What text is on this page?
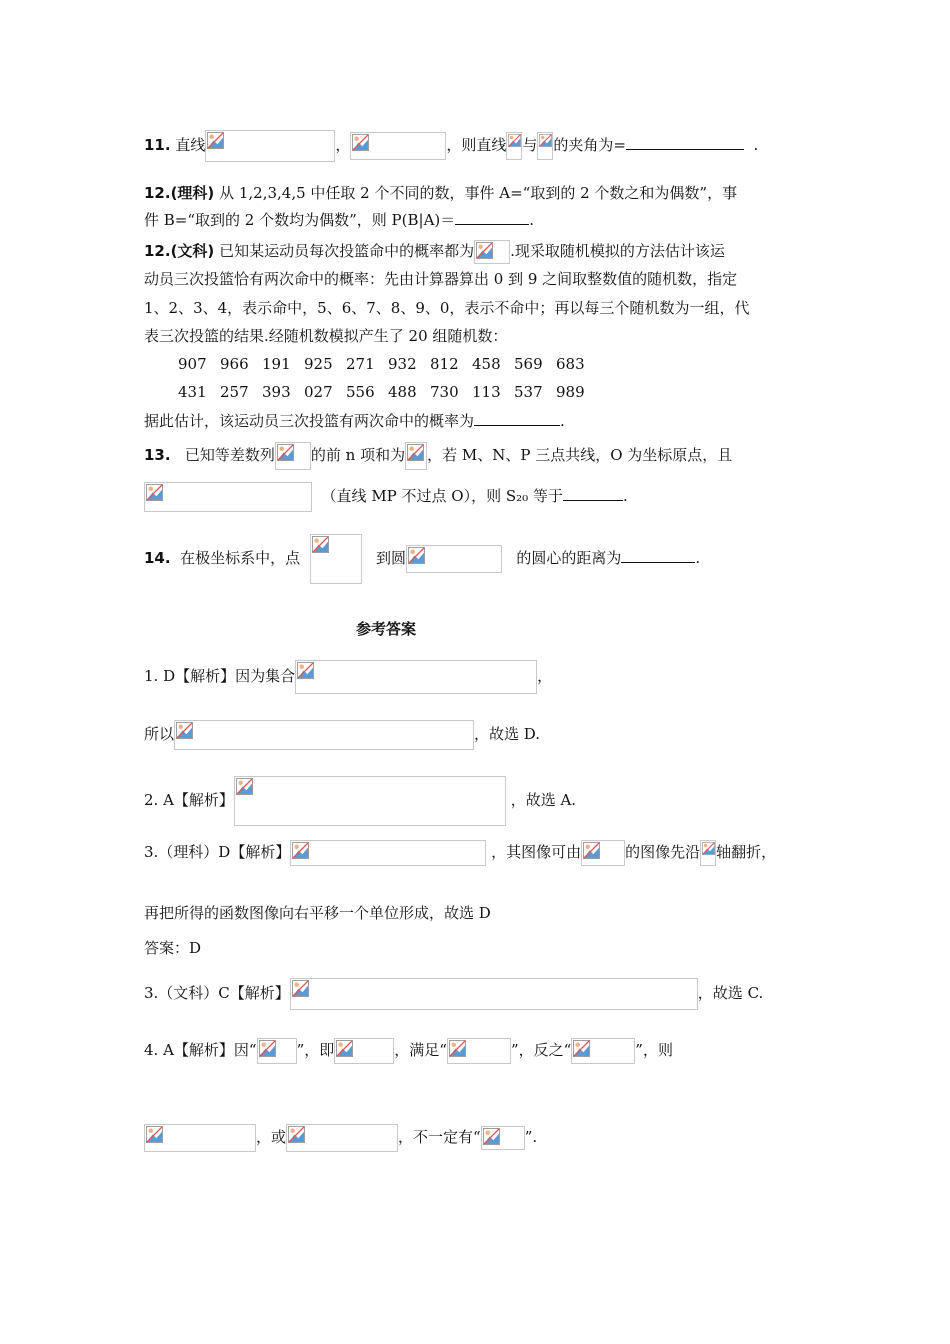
11. 直线	，	，则直线 与 的夹角为=	.
12.(理科) 从 1,2,3,4,5 中任取 2 个不同的数，事件 A=“取到的 2 个数之和为偶数”，事
件 B=“取到的 2 个数均为偶数”，则 P(B|A)＝	.
12.(文科) 已知某运动员每次投篮命中的概率都为 .现采取随机模拟的方法估计该运
动员三次投篮恰有两次命中的概率：先由计算器算出 0 到 9 之间取整数值的随机数，指定
1、2、3、4，表示命中，5、6、7、8、9、0，表示不命中；再以每三个随机数为一组，代
表三次投篮的结果.经随机数模拟产生了 20 组随机数：
907 966 191 925 271 932 812 458 569 683
431 257 393 027 556 488 730 113 537 989
据此估计，该运动员三次投篮有两次命中的概率为	.
13. 已知等差数列 的前 n 项和为 ，若 M、N、P 三点共线，O 为坐标原点，且
（直线 MP 不过点 O），则 S₂₀ 等于	.
14. 在极坐标系中，点	到圆	的圆心的距离为	.
参考答案
1. D【解析】因为集合	，
所以	，故选 D.
2. A【解析】	，故选 A.
3.（理科）D【解析】	，其图像可由	的图像先沿 轴翻折，
再把所得的函数图像向右平移一个单位形成，故选 D
答案：D
3.（文科）C【解析】	，故选 C.
4. A【解析】因“	”，即	，满足“	”，反之“	”，则
，或	，不一定有“	”.
